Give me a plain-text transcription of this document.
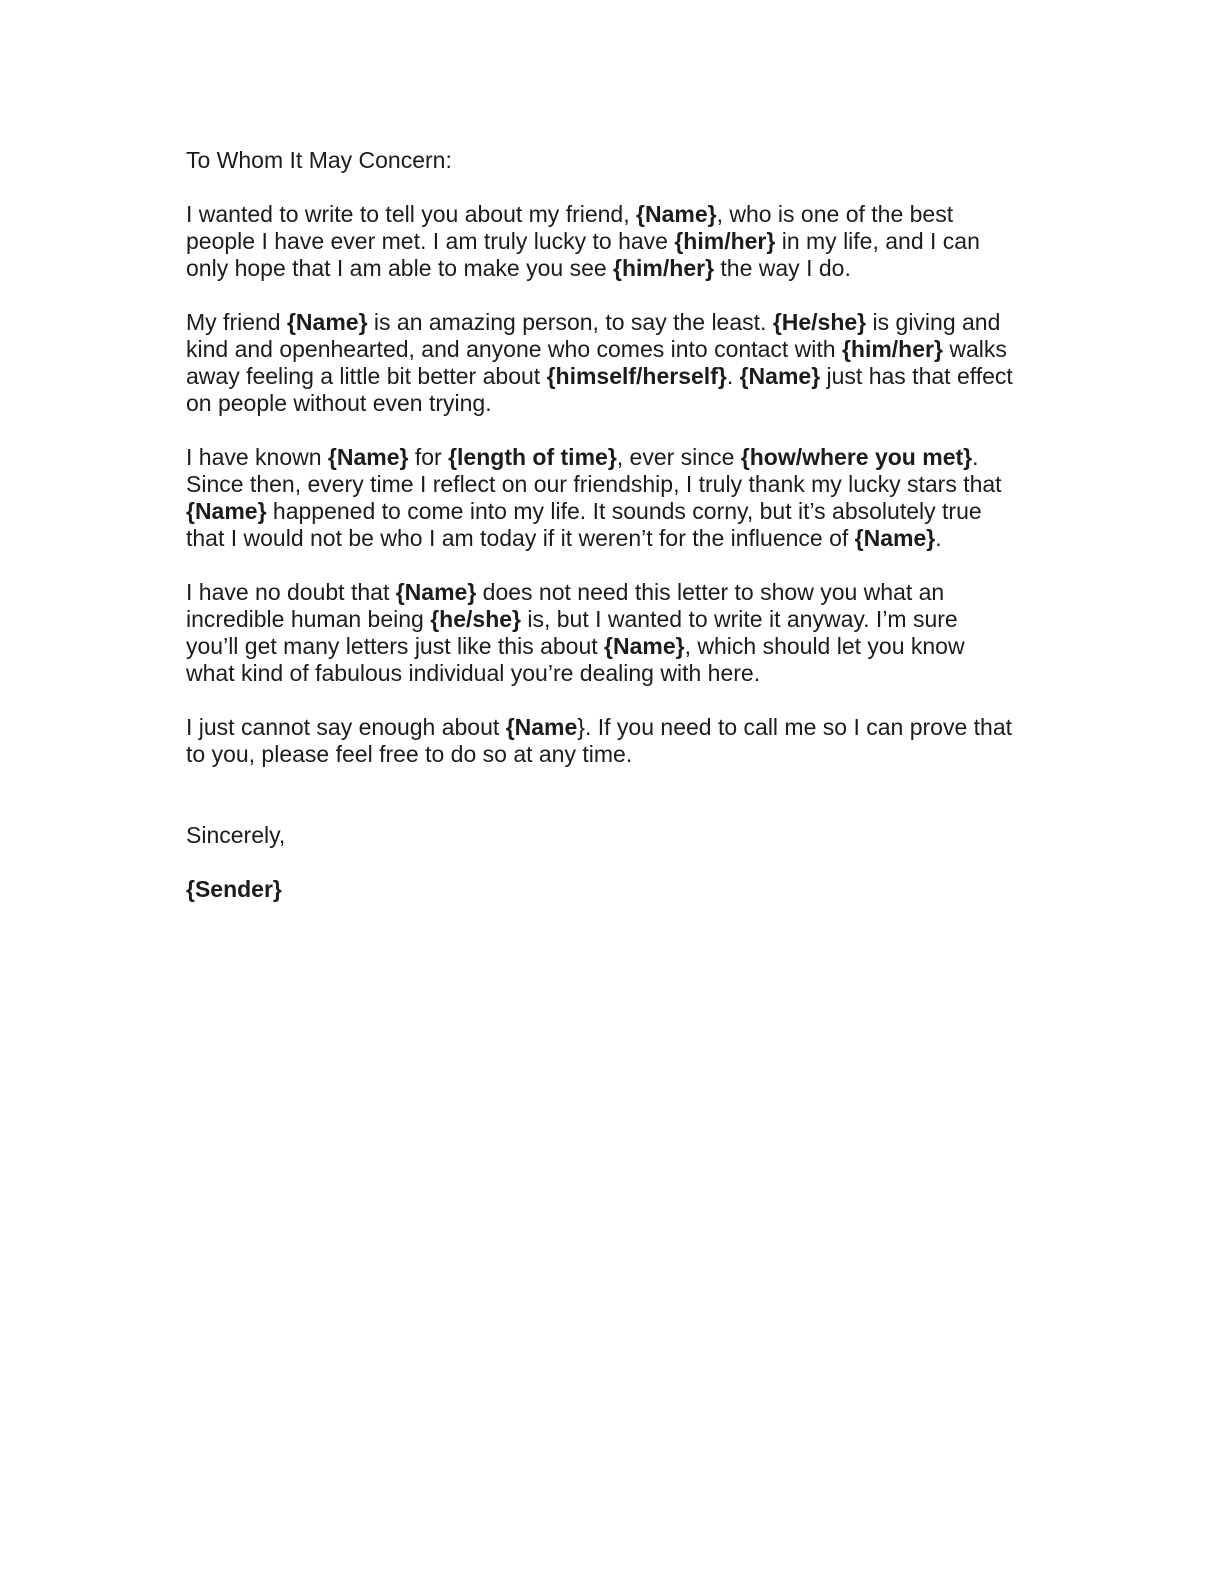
To Whom It May Concern:
I wanted to write to tell you about my friend, {Name}, who is one of the best
people I have ever met. I am truly lucky to have {him/her} in my life, and I can
only hope that I am able to make you see {him/her} the way I do.
My friend {Name} is an amazing person, to say the least. {He/she} is giving and
kind and openhearted, and anyone who comes into contact with {him/her} walks
away feeling a little bit better about {himself/herself}. {Name} just has that effect
on people without even trying.
I have known {Name} for {length of time}, ever since {how/where you met}.
Since then, every time I reflect on our friendship, I truly thank my lucky stars that
{Name} happened to come into my life. It sounds corny, but it’s absolutely true
that I would not be who I am today if it weren’t for the influence of {Name}.
I have no doubt that {Name} does not need this letter to show you what an
incredible human being {he/she} is, but I wanted to write it anyway. I’m sure
you’ll get many letters just like this about {Name}, which should let you know
what kind of fabulous individual you’re dealing with here.
I just cannot say enough about {Name}. If you need to call me so I can prove that
to you, please feel free to do so at any time.
Sincerely,
{Sender}
